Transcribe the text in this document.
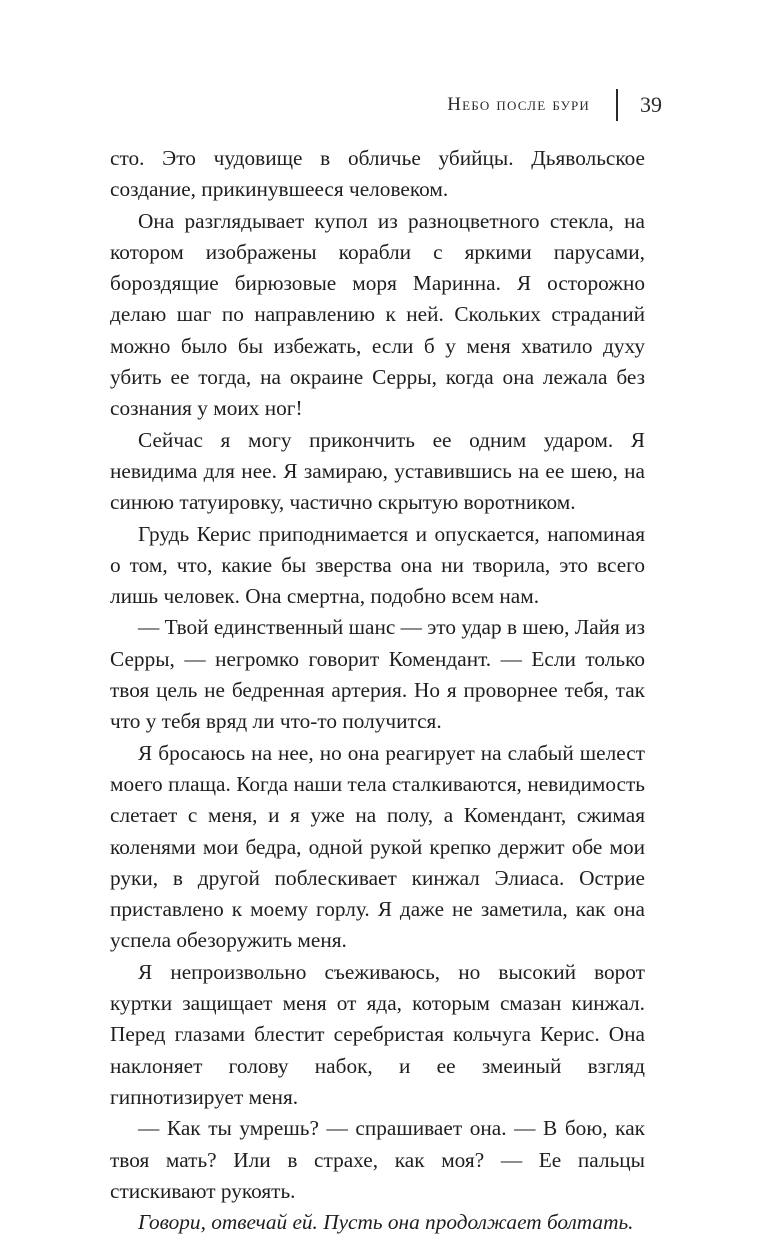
Небо после бури 39

сто. Это чудовище в обличье убийцы. Дьявольское создание, прикинувшееся человеком.

Она разглядывает купол из разноцветного стекла, на котором изображены корабли с яркими парусами, бороздящие бирюзовые моря Маринна. Я осторожно делаю шаг по направлению к ней. Скольких страданий можно было бы избежать, если б у меня хватило духу убить ее тогда, на окраине Серры, когда она лежала без сознания у моих ног!

Сейчас я могу прикончить ее одним ударом. Я невидима для нее. Я замираю, уставившись на ее шею, на синюю татуировку, частично скрытую воротником.

Грудь Керис приподнимается и опускается, напоминая о том, что, какие бы зверства она ни творила, это всего лишь человек. Она смертна, подобно всем нам.

— Твой единственный шанс — это удар в шею, Лайя из Серры, — негромко говорит Комендант. — Если только твоя цель не бедренная артерия. Но я проворнее тебя, так что у тебя вряд ли что-то получится.

Я бросаюсь на нее, но она реагирует на слабый шелест моего плаща. Когда наши тела сталкиваются, невидимость слетает с меня, и я уже на полу, а Комендант, сжимая коленями мои бедра, одной рукой крепко держит обе мои руки, в другой поблескивает кинжал Элиаса. Острие приставлено к моему горлу. Я даже не заметила, как она успела обезоружить меня.

Я непроизвольно съеживаюсь, но высокий ворот куртки защищает меня от яда, которым смазан кинжал. Перед глазами блестит серебристая кольчуга Керис. Она наклоняет голову набок, и ее змеиный взгляд гипнотизирует меня.

— Как ты умрешь? — спрашивает она. — В бою, как твоя мать? Или в страхе, как моя? — Ее пальцы стискивают рукоять.

Говори, отвечай ей. Пусть она продолжает болтать.
